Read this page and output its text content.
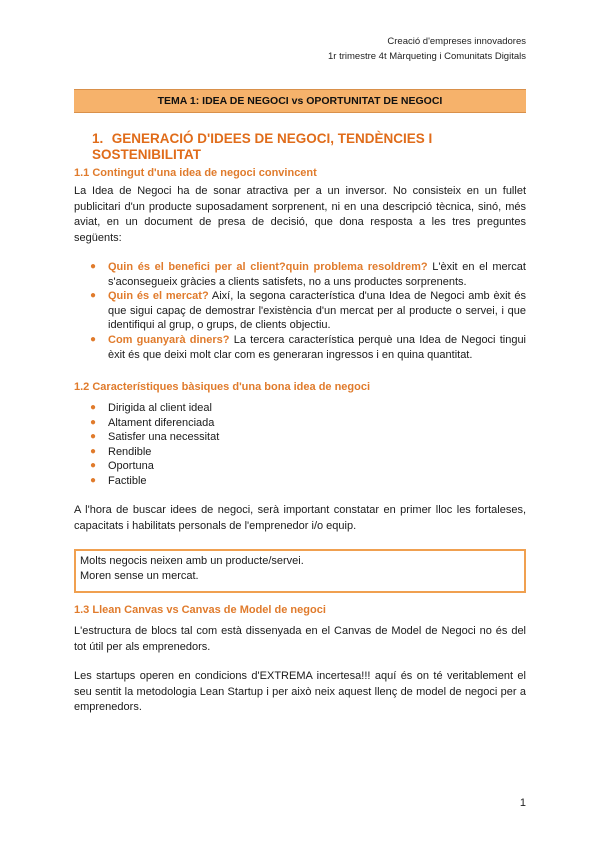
Creació d'empreses innovadores
1r trimestre 4t Màrqueting i Comunitats Digitals
TEMA 1: IDEA DE NEGOCI vs OPORTUNITAT DE NEGOCI
1. GENERACIÓ D'IDEES DE NEGOCI, TENDÈNCIES I SOSTENIBILITAT
1.1 Contingut d'una idea de negoci convincent

La Idea de Negoci ha de sonar atractiva per a un inversor. No consisteix en un fullet publicitari d'un producte suposadament sorprenent, ni en una descripció tècnica, sinó, més aviat, en un document de presa de decisió, que dona resposta a les tres preguntes següents:

● Quin és el benefici per al client?quin problema resoldrem? L'èxit en el mercat s'aconsegueix gràcies a clients satisfets, no a uns productes sorprenents.
● Quin és el mercat? Així, la segona característica d'una Idea de Negoci amb èxit és que sigui capaç de demostrar l'existència d'un mercat per al producte o servei, i que identifiqui al grup, o grups, de clients objectiu.
● Com guanyarà diners? La tercera característica perquè una Idea de Negoci tingui èxit és que deixi molt clar com es generaran ingressos i en quina quantitat.
1.2 Característiques bàsiques d'una bona idea de negoci
● Dirigida al client ideal
● Altament diferenciada
● Satisfer una necessitat
● Rendible
● Oportuna
● Factible

A l'hora de buscar idees de negoci, serà important constatar en primer lloc les fortaleses, capacitats i habilitats personals de l'emprenedor i/o equip.

Molts negocis neixen amb un producte/servei.
Moren sense un mercat.
1.3 Llean Canvas vs Canvas de Model de negoci

L'estructura de blocs tal com està dissenyada en el Canvas de Model de Negoci no és del tot útil per als emprenedors.

Les startups operen en condicions d'EXTREMA incertesa!!! aquí és on té veritablement el seu sentit la metodologia Lean Startup i per això neix aquest llenç de model de negoci per a emprenedors.

1
